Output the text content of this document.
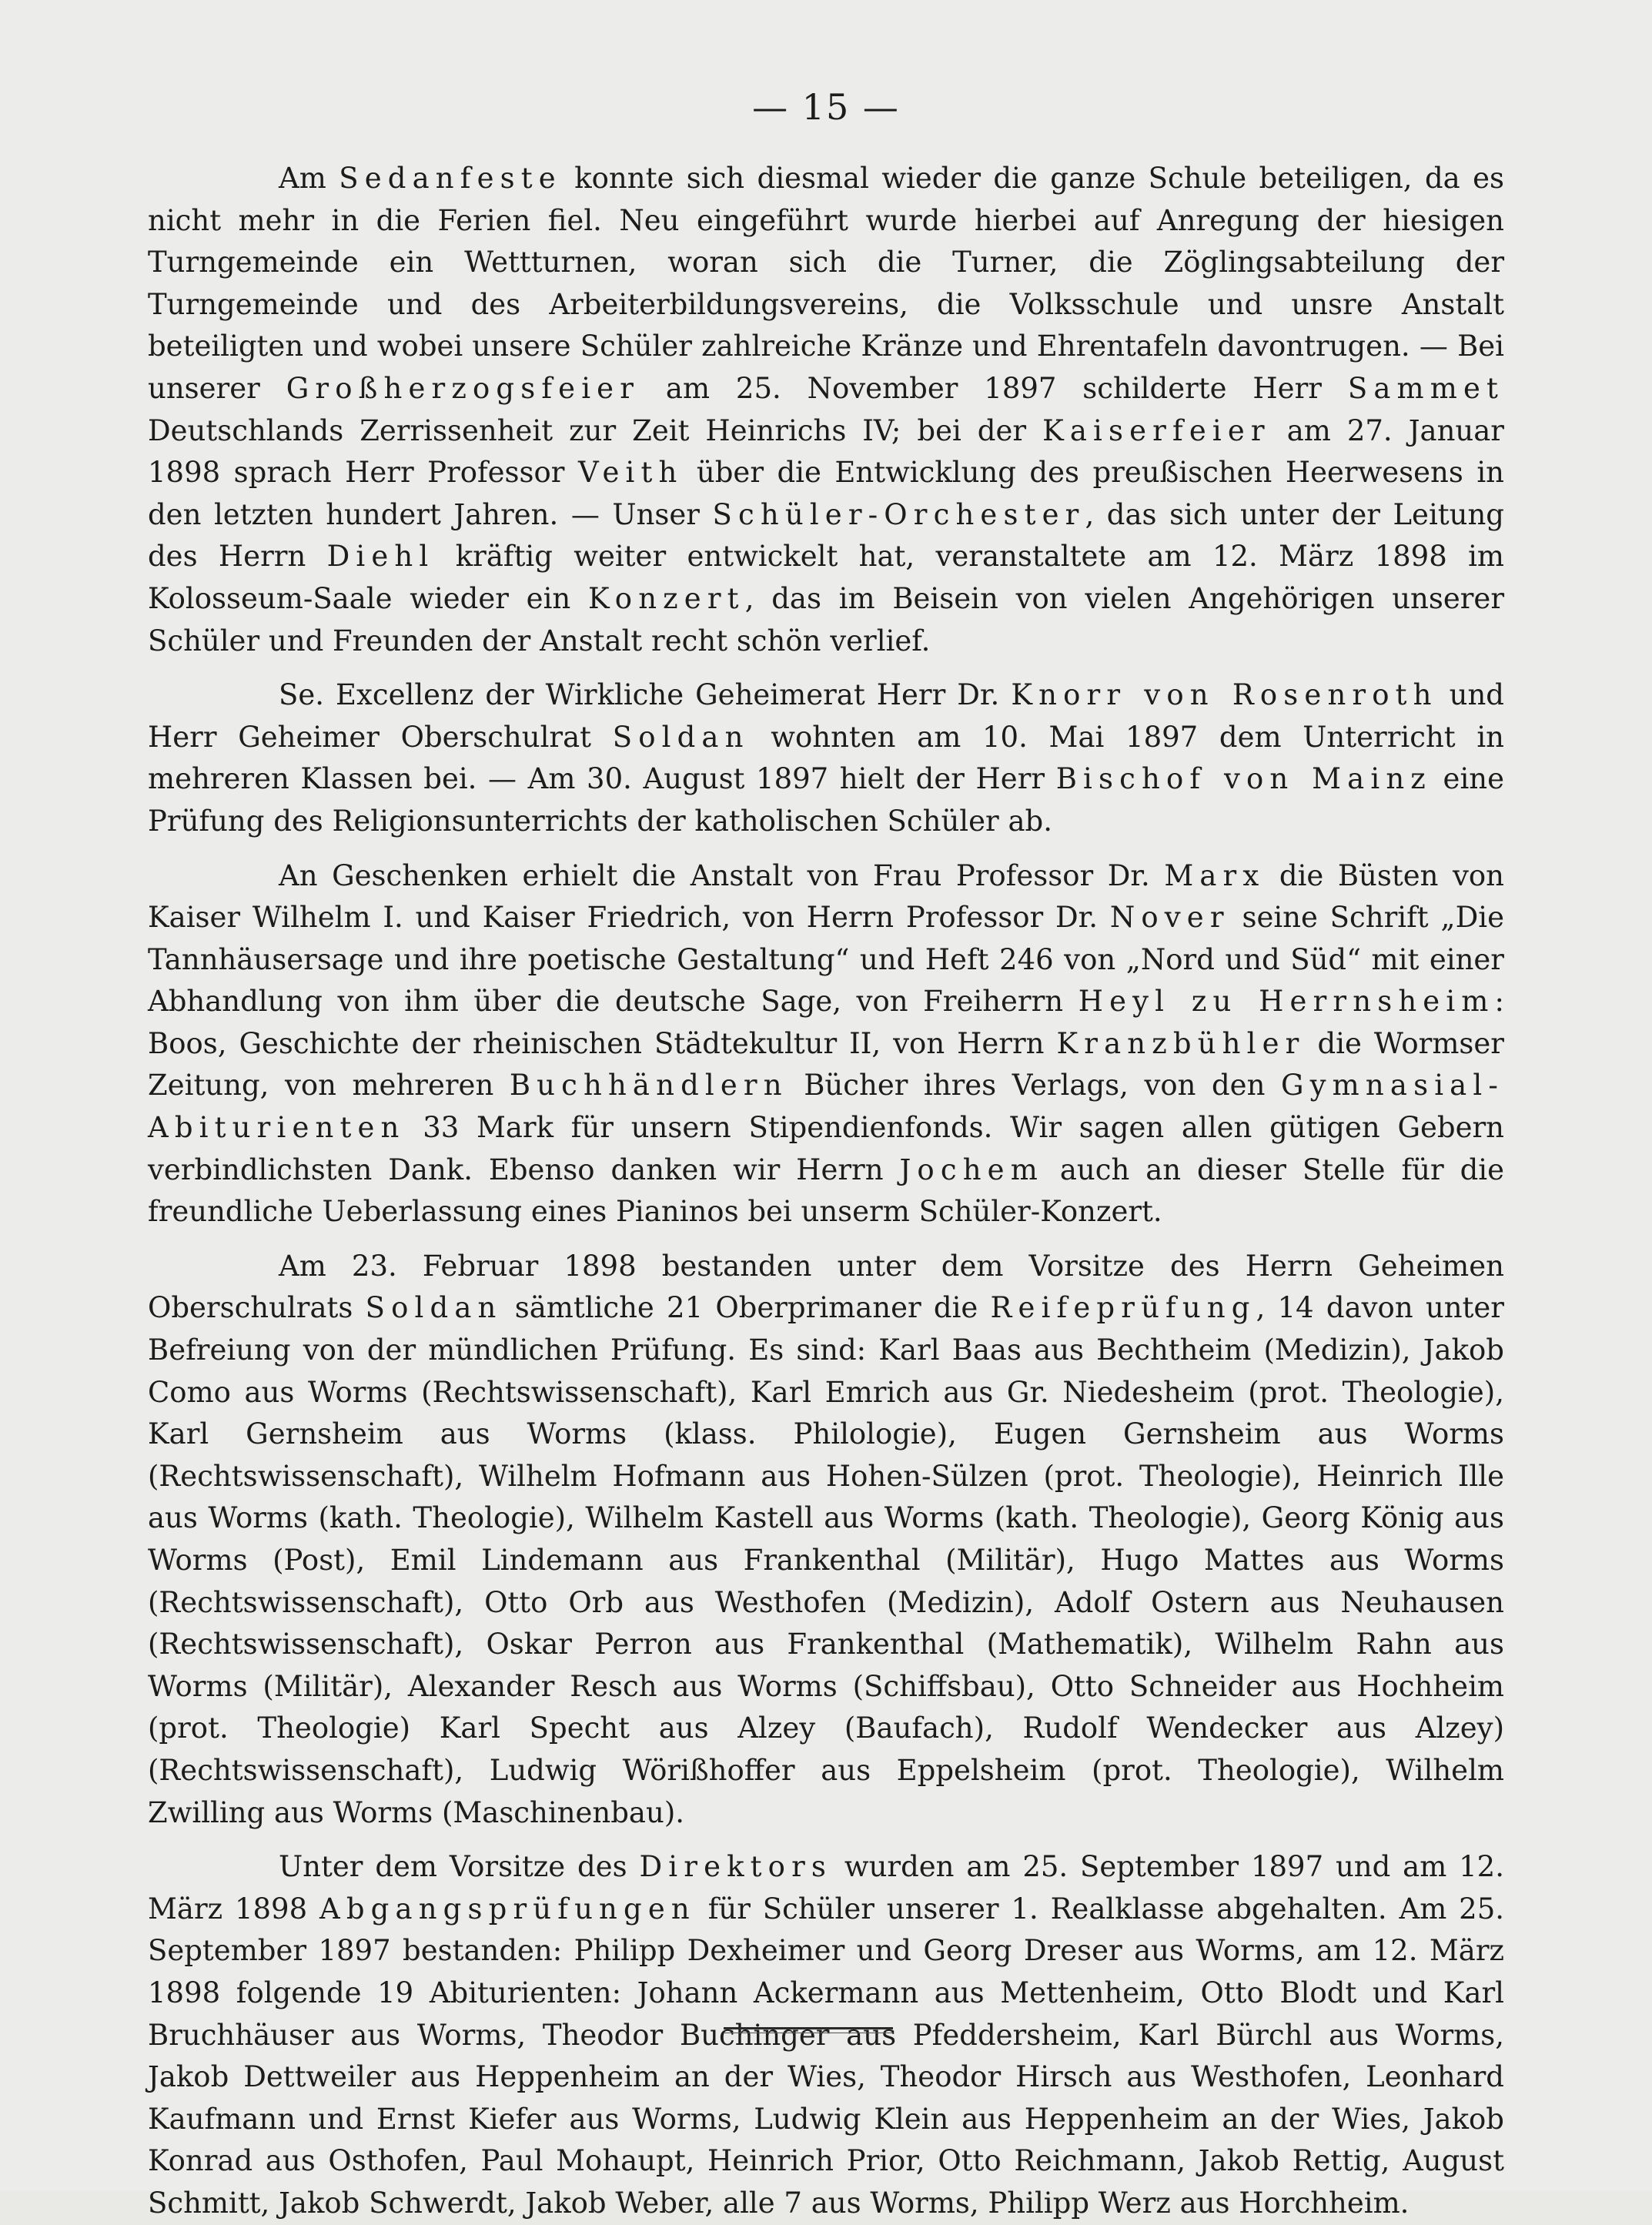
— 15 —

Am Sedanfeste konnte sich diesmal wieder die ganze Schule beteiligen, da es nicht mehr in die Ferien fiel. Neu eingeführt wurde hierbei auf Anregung der hiesigen Turngemeinde ein Wettturnen, woran sich die Turner, die Zöglingsabteilung der Turngemeinde und des Arbeiterbildungsvereins, die Volksschule und unsre Anstalt beteiligten und wobei unsere Schüler zahlreiche Kränze und Ehrentafeln davontrugen. — Bei unserer Großherzogsfeier am 25. November 1897 schilderte Herr Sammet Deutschlands Zerrissenheit zur Zeit Heinrichs IV; bei der Kaiserfeier am 27. Januar 1898 sprach Herr Professor Veith über die Entwicklung des preußischen Heerwesens in den letzten hundert Jahren. — Unser Schüler-Orchester, das sich unter der Leitung des Herrn Diehl kräftig weiter entwickelt hat, veranstaltete am 12. März 1898 im Kolosseum-Saale wieder ein Konzert, das im Beisein von vielen Angehörigen unserer Schüler und Freunden der Anstalt recht schön verlief.

Se. Excellenz der Wirkliche Geheimerat Herr Dr. Knorr von Rosenroth und Herr Geheimer Oberschulrat Soldan wohnten am 10. Mai 1897 dem Unterricht in mehreren Klassen bei. — Am 30. August 1897 hielt der Herr Bischof von Mainz eine Prüfung des Religionsunterrichts der katholischen Schüler ab.

An Geschenken erhielt die Anstalt von Frau Professor Dr. Marx die Büsten von Kaiser Wilhelm I. und Kaiser Friedrich, von Herrn Professor Dr. Nover seine Schrift „Die Tannhäusersage und ihre poetische Gestaltung“ und Heft 246 von „Nord und Süd“ mit einer Abhandlung von ihm über die deutsche Sage, von Freiherrn Heyl zu Herrnsheim: Boos, Geschichte der rheinischen Städtekultur II, von Herrn Kranzbühler die Wormser Zeitung, von mehreren Buchhändlern Bücher ihres Verlags, von den Gymnasial-Abiturienten 33 Mark für unsern Stipendienfonds. Wir sagen allen gütigen Gebern verbindlichsten Dank. Ebenso danken wir Herrn Jochem auch an dieser Stelle für die freundliche Ueberlassung eines Pianinos bei unserm Schüler-Konzert.

Am 23. Februar 1898 bestanden unter dem Vorsitze des Herrn Geheimen Oberschulrats Soldan sämtliche 21 Oberprimaner die Reifeprüfung, 14 davon unter Befreiung von der mündlichen Prüfung. Es sind: Karl Baas aus Bechtheim (Medizin), Jakob Como aus Worms (Rechtswissenschaft), Karl Emrich aus Gr. Niedesheim (prot. Theologie), Karl Gernsheim aus Worms (klass. Philologie), Eugen Gernsheim aus Worms (Rechtswissenschaft), Wilhelm Hofmann aus Hohen-Sülzen (prot. Theologie), Heinrich Ille aus Worms (kath. Theologie), Wilhelm Kastell aus Worms (kath. Theologie), Georg König aus Worms (Post), Emil Lindemann aus Frankenthal (Militär), Hugo Mattes aus Worms (Rechtswissenschaft), Otto Orb aus Westhofen (Medizin), Adolf Ostern aus Neuhausen (Rechtswissenschaft), Oskar Perron aus Frankenthal (Mathematik), Wilhelm Rahn aus Worms (Militär), Alexander Resch aus Worms (Schiffsbau), Otto Schneider aus Hochheim (prot. Theologie) Karl Specht aus Alzey (Baufach), Rudolf Wendecker aus Alzey) (Rechtswissenschaft), Ludwig Wörißhoffer aus Eppelsheim (prot. Theologie), Wilhelm Zwilling aus Worms (Maschinenbau).

Unter dem Vorsitze des Direktors wurden am 25. September 1897 und am 12. März 1898 Abgangsprüfungen für Schüler unserer 1. Realklasse abgehalten. Am 25. September 1897 bestanden: Philipp Dexheimer und Georg Dreser aus Worms, am 12. März 1898 folgende 19 Abiturienten: Johann Ackermann aus Mettenheim, Otto Blodt und Karl Bruchhäuser aus Worms, Theodor Buchinger aus Pfeddersheim, Karl Bürchl aus Worms, Jakob Dettweiler aus Heppenheim an der Wies, Theodor Hirsch aus Westhofen, Leonhard Kaufmann und Ernst Kiefer aus Worms, Ludwig Klein aus Heppenheim an der Wies, Jakob Konrad aus Osthofen, Paul Mohaupt, Heinrich Prior, Otto Reichmann, Jakob Rettig, August Schmitt, Jakob Schwerdt, Jakob Weber, alle 7 aus Worms, Philipp Werz aus Horchheim.
